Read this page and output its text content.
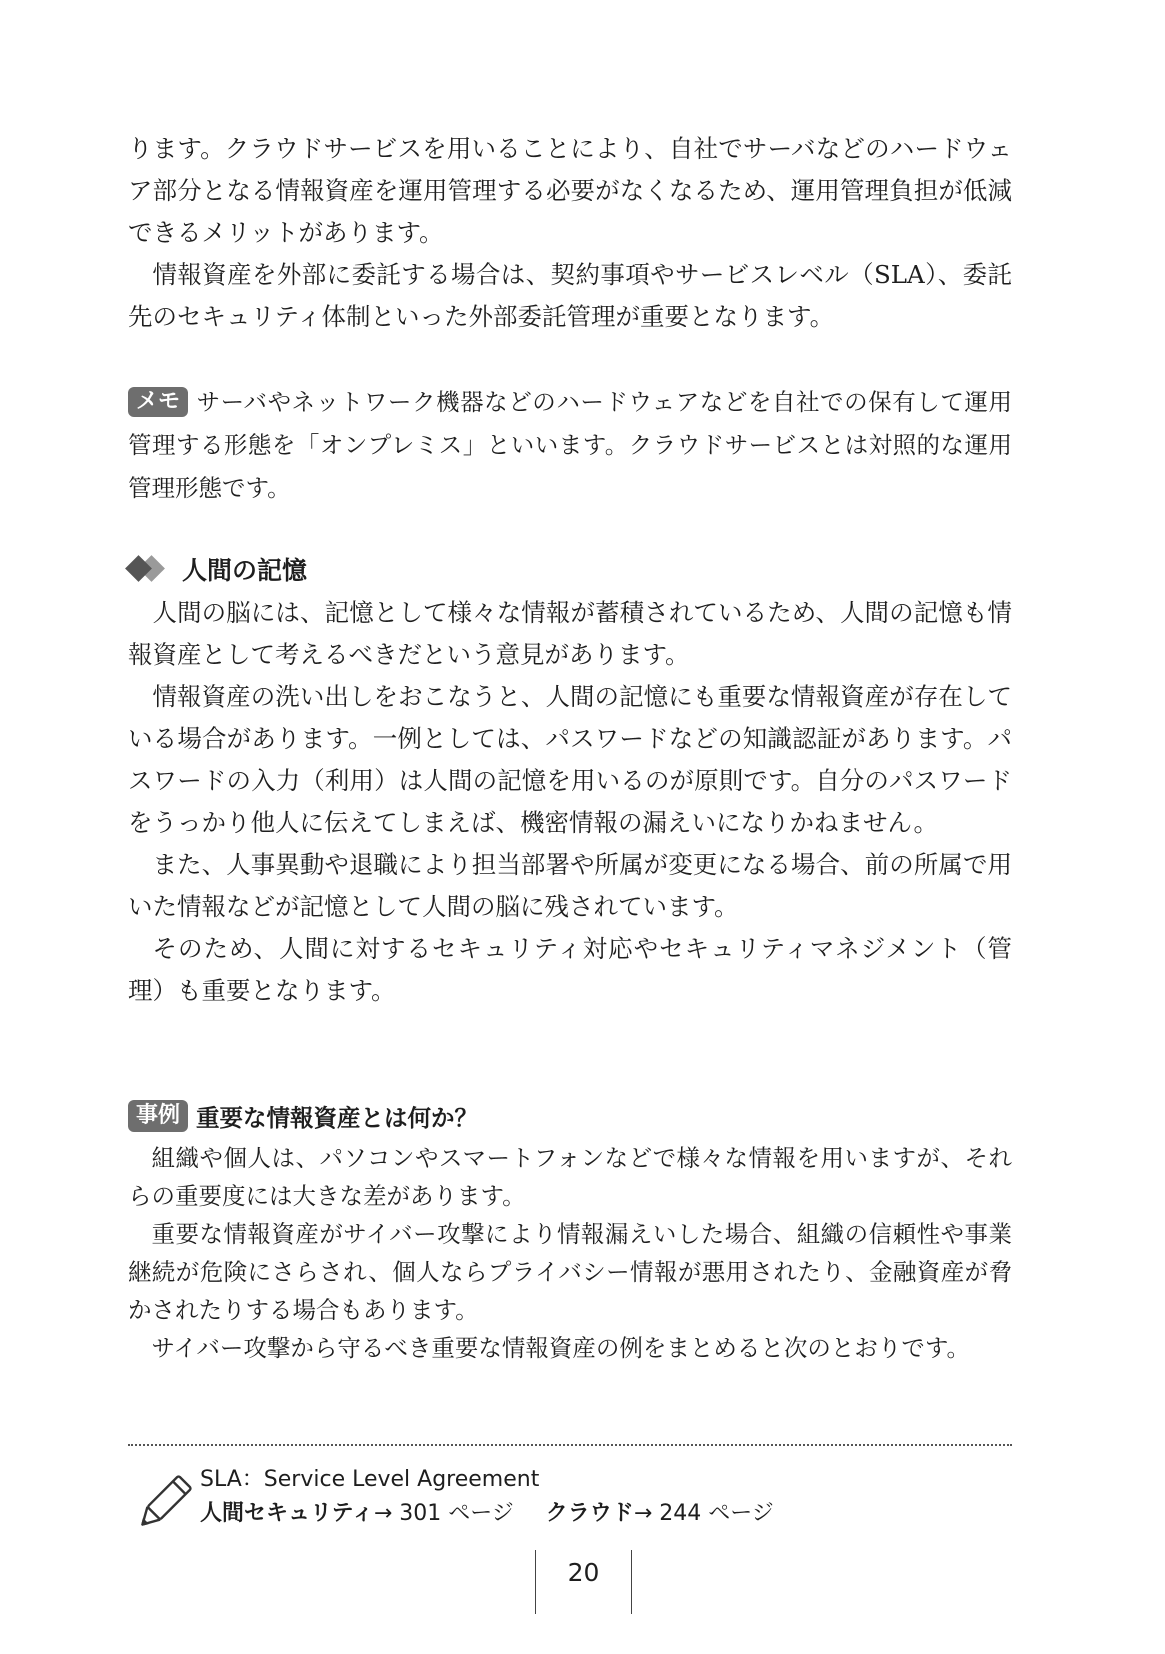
ります。クラウドサービスを用いることにより、自社でサーバなどのハードウェア部分となる情報資産を運用管理する必要がなくなるため、運用管理負担が低減できるメリットがあります。

情報資産を外部に委託する場合は、契約事項やサービスレベル（SLA）、委託先のセキュリティ体制といった外部委託管理が重要となります。

メモ サーバやネットワーク機器などのハードウェアなどを自社での保有して運用管理する形態を「オンプレミス」といいます。クラウドサービスとは対照的な運用管理形態です。

人間の記憶

人間の脳には、記憶として様々な情報が蓄積されているため、人間の記憶も情報資産として考えるべきだという意見があります。

情報資産の洗い出しをおこなうと、人間の記憶にも重要な情報資産が存在している場合があります。一例としては、パスワードなどの知識認証があります。パスワードの入力（利用）は人間の記憶を用いるのが原則です。自分のパスワードをうっかり他人に伝えてしまえば、機密情報の漏えいになりかねません。

また、人事異動や退職により担当部署や所属が変更になる場合、前の所属で用いた情報などが記憶として人間の脳に残されています。

そのため、人間に対するセキュリティ対応やセキュリティマネジメント（管理）も重要となります。

事例 重要な情報資産とは何か？

組織や個人は、パソコンやスマートフォンなどで様々な情報を用いますが、それらの重要度には大きな差があります。

重要な情報資産がサイバー攻撃により情報漏えいした場合、組織の信頼性や事業継続が危険にさらされ、個人ならプライバシー情報が悪用されたり、金融資産が脅かされたりする場合もあります。

サイバー攻撃から守るべき重要な情報資産の例をまとめると次のとおりです。

SLA：Service Level Agreement
人間セキュリティ→ 301 ページ クラウド→ 244 ページ
20
